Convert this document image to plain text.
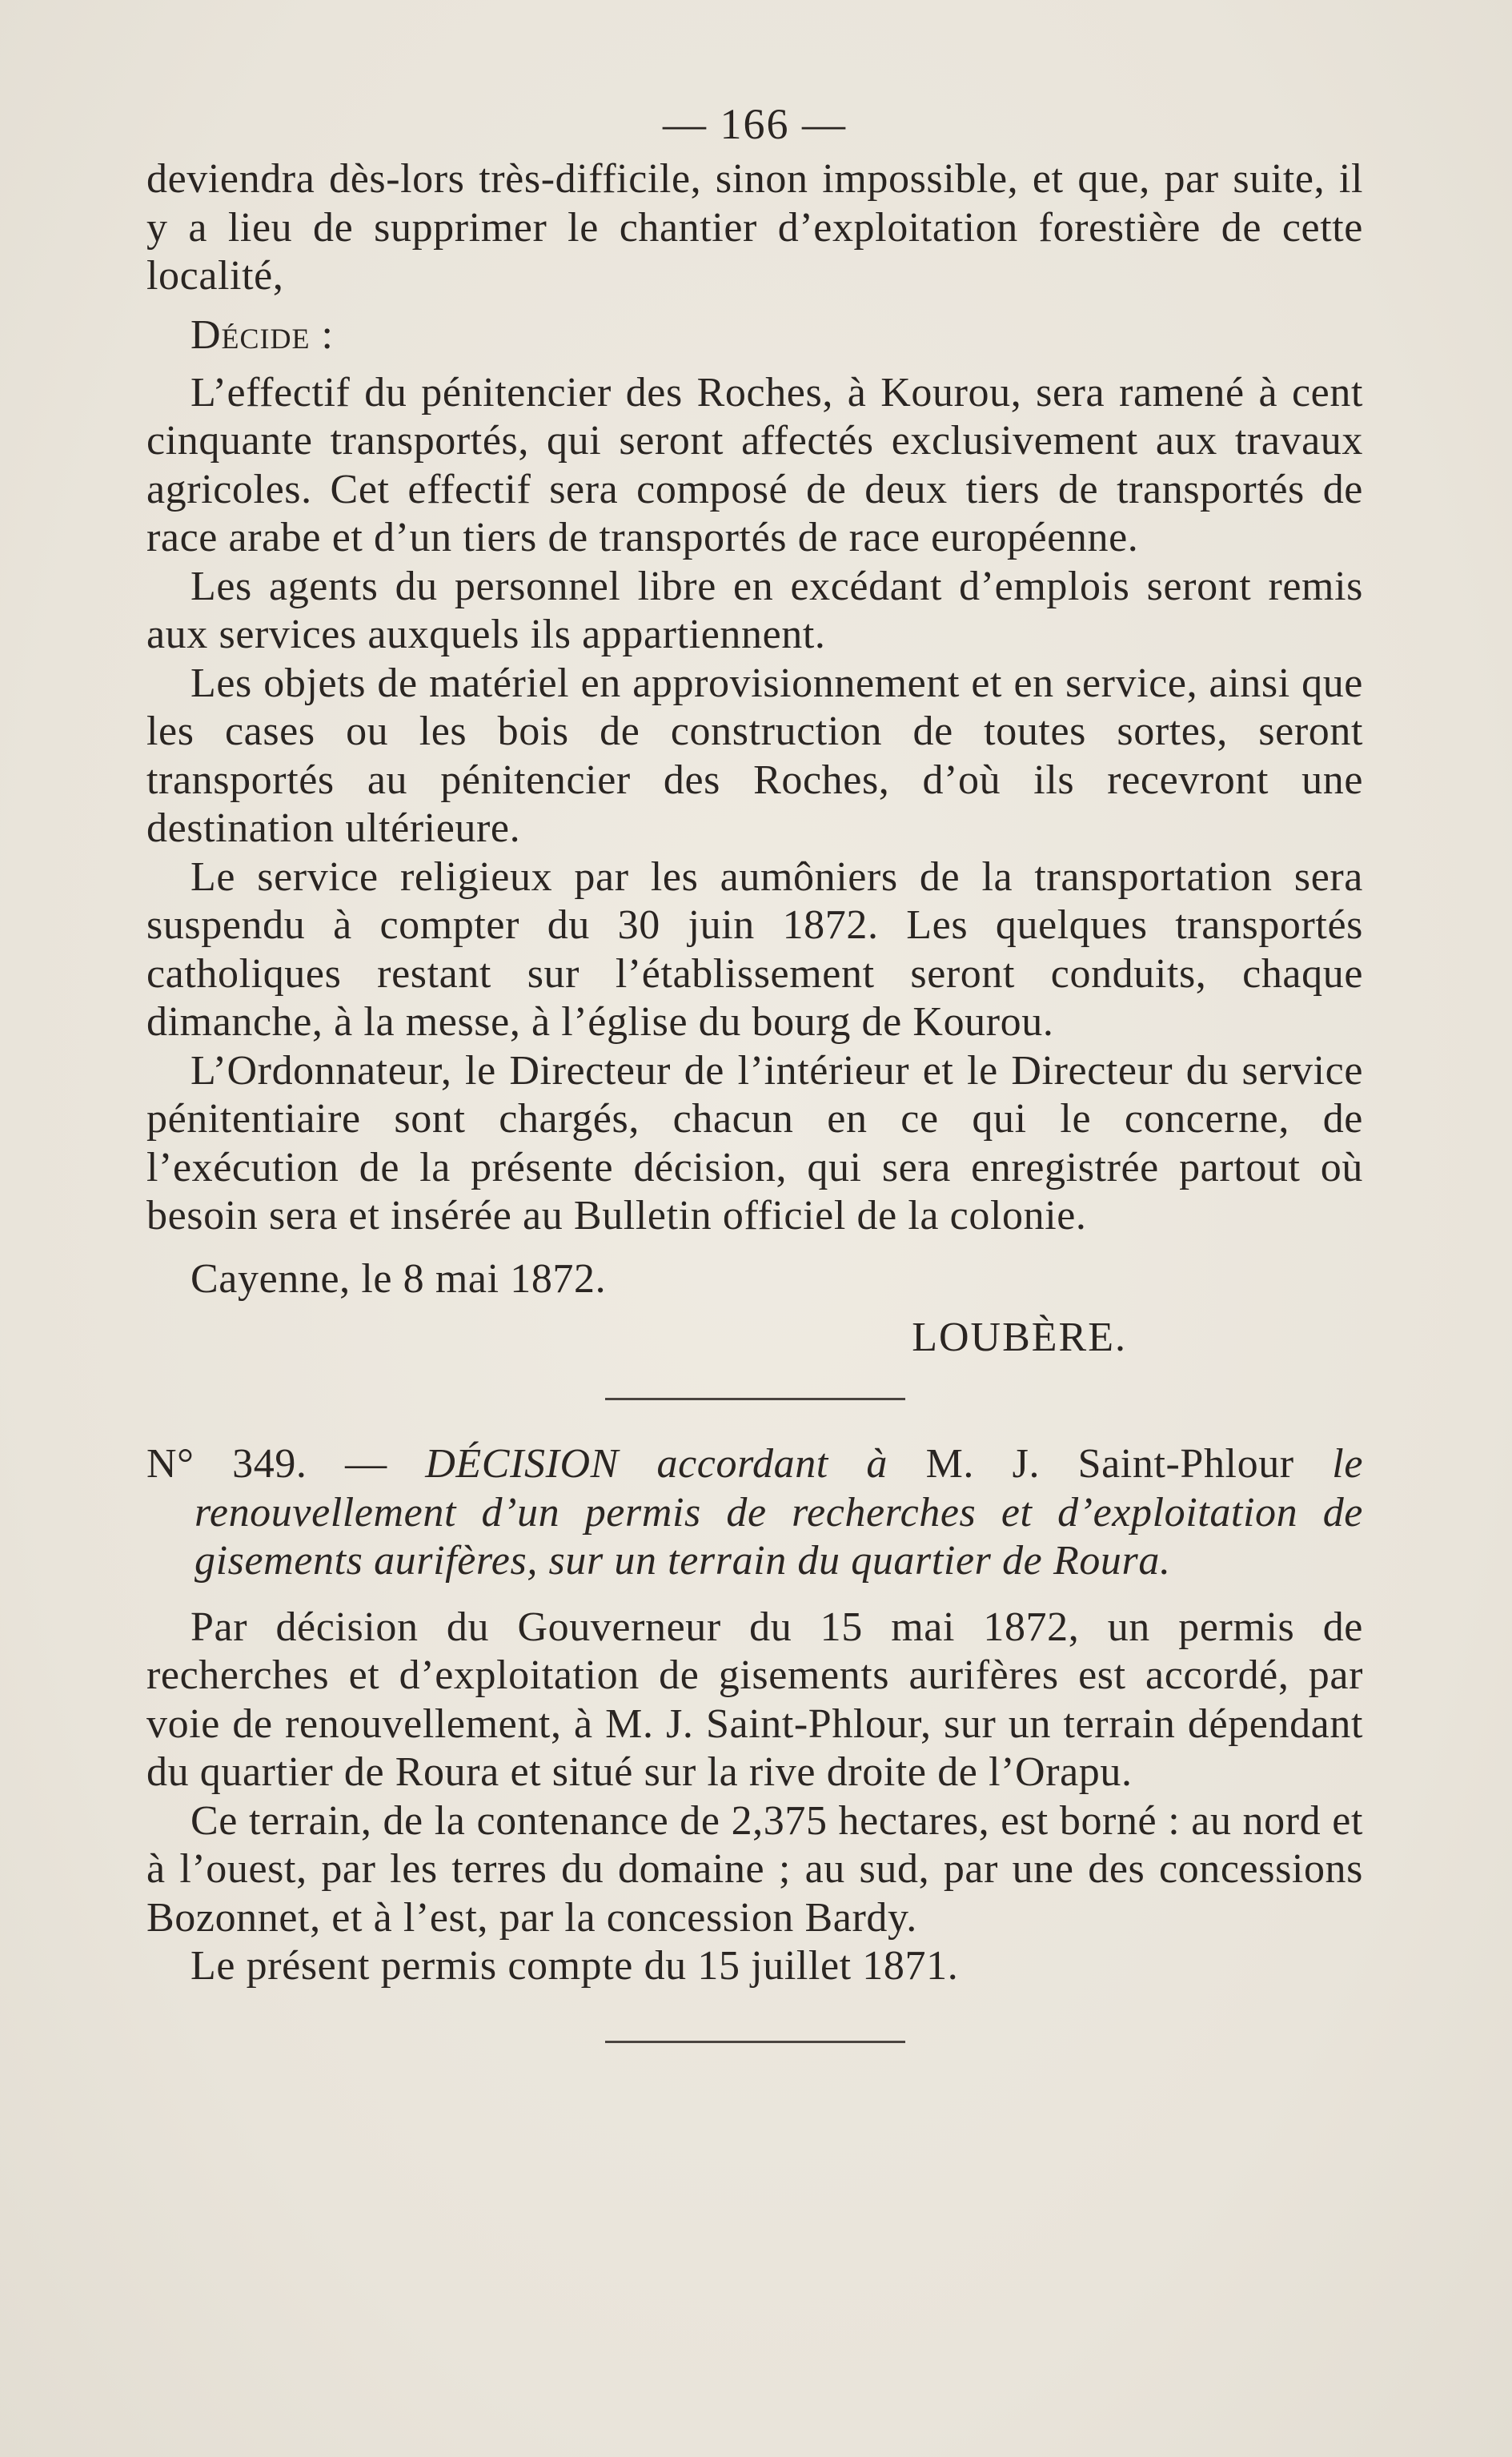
— 166 —

deviendra dès-lors très-difficile, sinon impossible, et que, par suite, il y a lieu de supprimer le chantier d’exploitation forestière de cette localité,

Décide :

L’effectif du pénitencier des Roches, à Kourou, sera ramené à cent cinquante transportés, qui seront affectés exclusivement aux travaux agricoles. Cet effectif sera composé de deux tiers de transportés de race arabe et d’un tiers de transportés de race européenne.

Les agents du personnel libre en excédant d’emplois seront remis aux services auxquels ils appartiennent.

Les objets de matériel en approvisionnement et en service, ainsi que les cases ou les bois de construction de toutes sortes, seront transportés au pénitencier des Roches, d’où ils recevront une destination ultérieure.

Le service religieux par les aumôniers de la transportation sera suspendu à compter du 30 juin 1872. Les quelques transportés catholiques restant sur l’établissement seront conduits, chaque dimanche, à la messe, à l’église du bourg de Kourou.

L’Ordonnateur, le Directeur de l’intérieur et le Directeur du service pénitentiaire sont chargés, chacun en ce qui le concerne, de l’exécution de la présente décision, qui sera enregistrée partout où besoin sera et insérée au Bulletin officiel de la colonie.

Cayenne, le 8 mai 1872.

LOUBÈRE.
N° 349. — DÉCISION accordant à M. J. Saint-Phlour le renouvellement d’un permis de recherches et d’exploitation de gisements aurifères, sur un terrain du quartier de Roura.

Par décision du Gouverneur du 15 mai 1872, un permis de recherches et d’exploitation de gisements aurifères est accordé, par voie de renouvellement, à M. J. Saint-Phlour, sur un terrain dépendant du quartier de Roura et situé sur la rive droite de l’Orapu.

Ce terrain, de la contenance de 2,375 hectares, est borné : au nord et à l’ouest, par les terres du domaine ; au sud, par une des concessions Bozonnet, et à l’est, par la concession Bardy.

Le présent permis compte du 15 juillet 1871.
